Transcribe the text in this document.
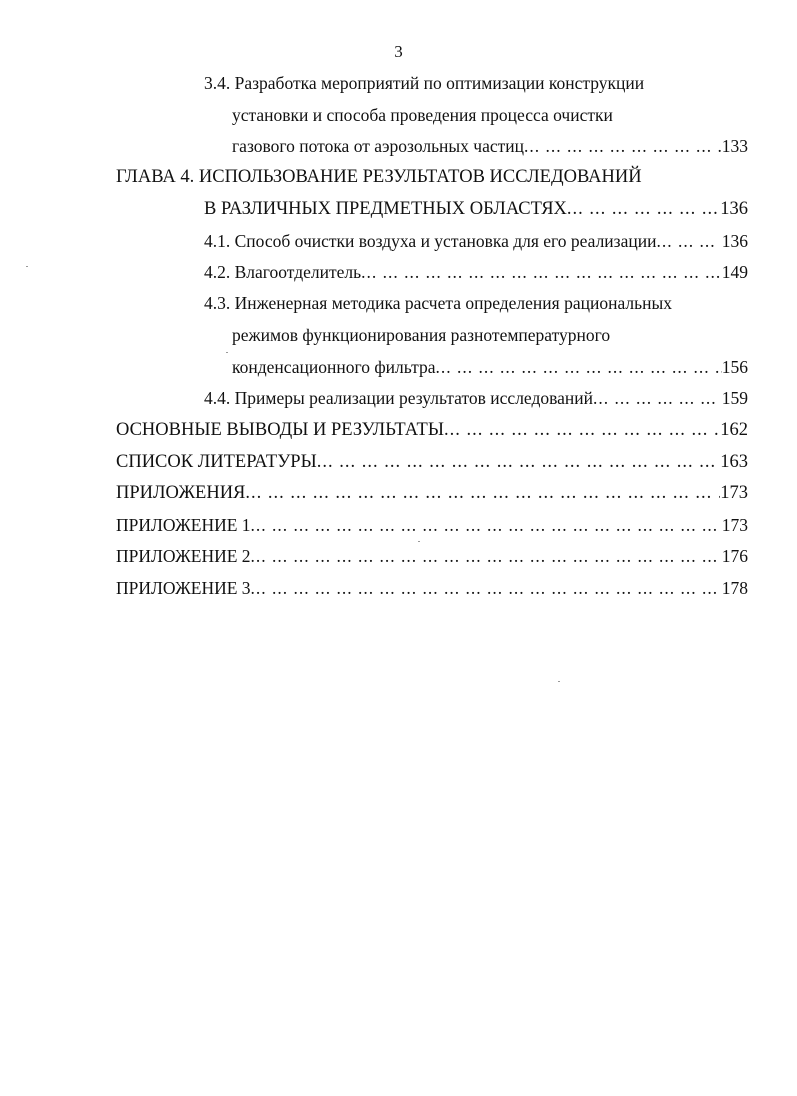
3
3.4. Разработка мероприятий по оптимизации конструкции
установки и способа проведения процесса очистки
газового потока от аэрозольных частиц ... .	133
ГЛАВА 4. ИСПОЛЬЗОВАНИЕ РЕЗУЛЬТАТОВ ИССЛЕДОВАНИЙ
В РАЗЛИЧНЫХ ПРЕДМЕТНЫХ ОБЛАСТЯХ ... .	136
4.1. Способ очистки воздуха и установка для его реализации ... .	136
4.2. Влагоотделитель ... .	149
4.3. Инженерная методика расчета определения рациональных
режимов функционирования разнотемпературного
конденсационного фильтра ... .	156
4.4. Примеры реализации результатов исследований ... .	159
ОСНОВНЫЕ ВЫВОДЫ И РЕЗУЛЬТАТЫ ... .	162
СПИСОК ЛИТЕРАТУРЫ ... .	163
ПРИЛОЖЕНИЯ ... .	173
ПРИЛОЖЕНИЕ 1 ... .	173
ПРИЛОЖЕНИЕ 2 ... .	176
ПРИЛОЖЕНИЕ 3 ... .	178
